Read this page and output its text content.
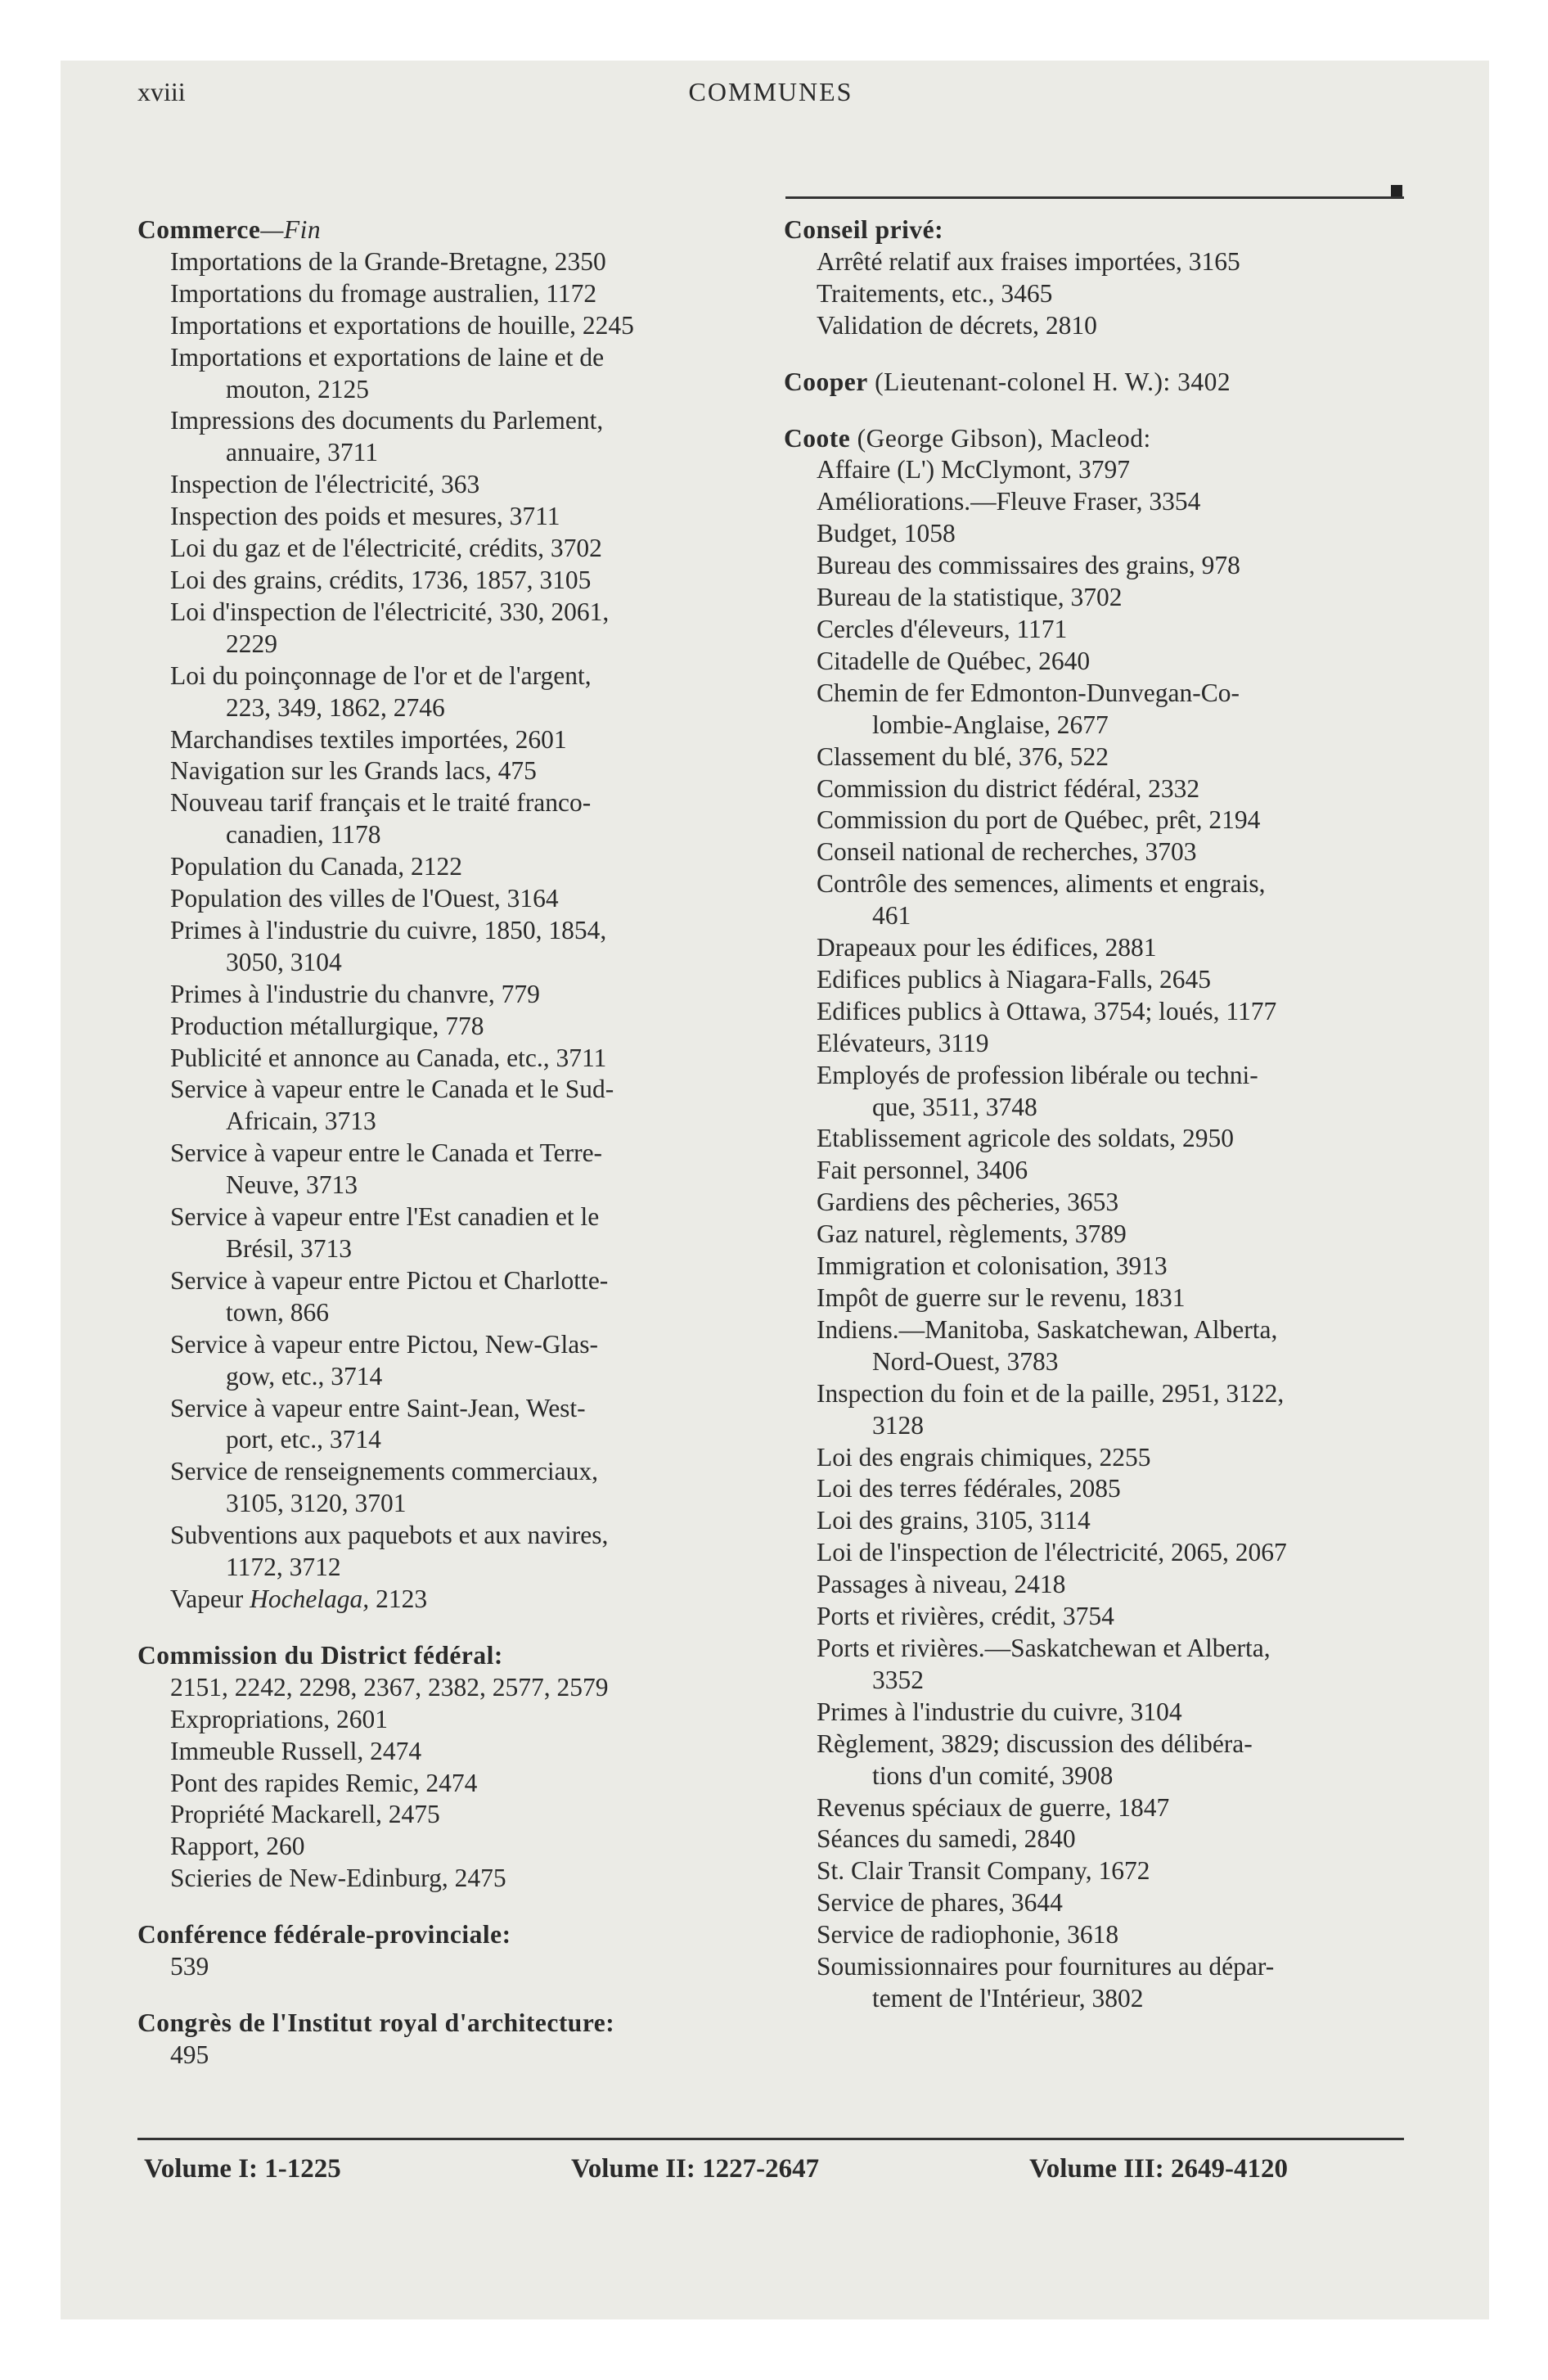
xviii	COMMUNES
Commerce—Fin
Importations de la Grande-Bretagne, 2350
Importations du fromage australien, 1172
Importations et exportations de houille, 2245
Importations et exportations de laine et de
mouton, 2125
Impressions des documents du Parlement,
annuaire, 3711
Inspection de l'électricité, 363
Inspection des poids et mesures, 3711
Loi du gaz et de l'électricité, crédits, 3702
Loi des grains, crédits, 1736, 1857, 3105
Loi d'inspection de l'électricité, 330, 2061,
2229
Loi du poinçonnage de l'or et de l'argent,
223, 349, 1862, 2746
Marchandises textiles importées, 2601
Navigation sur les Grands lacs, 475
Nouveau tarif français et le traité franco-
canadien, 1178
Population du Canada, 2122
Population des villes de l'Ouest, 3164
Primes à l'industrie du cuivre, 1850, 1854,
3050, 3104
Primes à l'industrie du chanvre, 779
Production métallurgique, 778
Publicité et annonce au Canada, etc., 3711
Service à vapeur entre le Canada et le Sud-
Africain, 3713
Service à vapeur entre le Canada et Terre-
Neuve, 3713
Service à vapeur entre l'Est canadien et le
Brésil, 3713
Service à vapeur entre Pictou et Charlotte-
town, 866
Service à vapeur entre Pictou, New-Glas-
gow, etc., 3714
Service à vapeur entre Saint-Jean, West-
port, etc., 3714
Service de renseignements commerciaux,
3105, 3120, 3701
Subventions aux paquebots et aux navires,
1172, 3712
Vapeur Hochelaga, 2123
Commission du District fédéral:
2151, 2242, 2298, 2367, 2382, 2577, 2579
Expropriations, 2601
Immeuble Russell, 2474
Pont des rapides Remic, 2474
Propriété Mackarell, 2475
Rapport, 260
Scieries de New-Edinburg, 2475
Conférence fédérale-provinciale:
539
Congrès de l'Institut royal d'architecture:
495
Conseil privé:
Arrêté relatif aux fraises importées, 3165
Traitements, etc., 3465
Validation de décrets, 2810
Cooper (Lieutenant-colonel H. W.): 3402
Coote (George Gibson), Macleod:
Affaire (L') McClymont, 3797
Améliorations.—Fleuve Fraser, 3354
Budget, 1058
Bureau des commissaires des grains, 978
Bureau de la statistique, 3702
Cercles d'éleveurs, 1171
Citadelle de Québec, 2640
Chemin de fer Edmonton-Dunvegan-Co-
lombie-Anglaise, 2677
Classement du blé, 376, 522
Commission du district fédéral, 2332
Commission du port de Québec, prêt, 2194
Conseil national de recherches, 3703
Contrôle des semences, aliments et engrais,
461
Drapeaux pour les édifices, 2881
Edifices publics à Niagara-Falls, 2645
Edifices publics à Ottawa, 3754; loués, 1177
Elévateurs, 3119
Employés de profession libérale ou techni-
que, 3511, 3748
Etablissement agricole des soldats, 2950
Fait personnel, 3406
Gardiens des pêcheries, 3653
Gaz naturel, règlements, 3789
Immigration et colonisation, 3913
Impôt de guerre sur le revenu, 1831
Indiens.—Manitoba, Saskatchewan, Alberta,
Nord-Ouest, 3783
Inspection du foin et de la paille, 2951, 3122,
3128
Loi des engrais chimiques, 2255
Loi des terres fédérales, 2085
Loi des grains, 3105, 3114
Loi de l'inspection de l'électricité, 2065, 2067
Passages à niveau, 2418
Ports et rivières, crédit, 3754
Ports et rivières.—Saskatchewan et Alberta,
3352
Primes à l'industrie du cuivre, 3104
Règlement, 3829; discussion des délibéra-
tions d'un comité, 3908
Revenus spéciaux de guerre, 1847
Séances du samedi, 2840
St. Clair Transit Company, 1672
Service de phares, 3644
Service de radiophonie, 3618
Soumissionnaires pour fournitures au dépar-
tement de l'Intérieur, 3802
Volume I: 1-1225	Volume II: 1227-2647	Volume III: 2649-4120
